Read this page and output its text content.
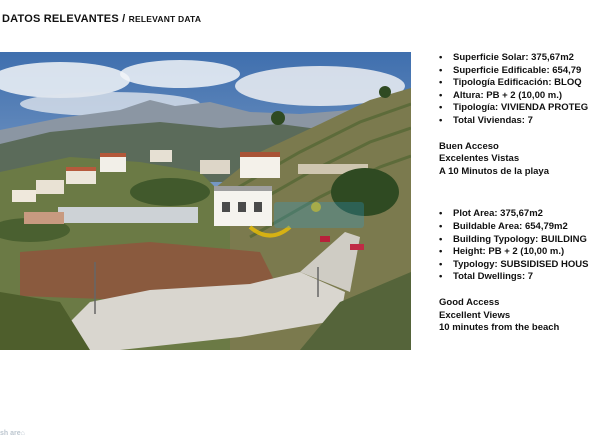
DATOS RELEVANTES / RELEVANT DATA
• Superficie Solar: 375,67m2
• Superficie Edificable: 654,79
• Tipología Edificación: BLOQ
• Altura: PB + 2 (10,00 m.)
• Tipología: VIVIENDA PROTEG
• Total Viviendas: 7
Buen Acceso
Excelentes Vistas
A 10 Minutos de la playa
• Plot Area: 375,67m2
• Buildable Area: 654,79m2
• Building Typology: BUILDING
• Height: PB + 2 (10,00 m.)
• Typology: SUBSIDISED HOUS
• Total Dwellings: 7
Good Access
Excellent Views
10 minutes from the beach
sh are⌂
